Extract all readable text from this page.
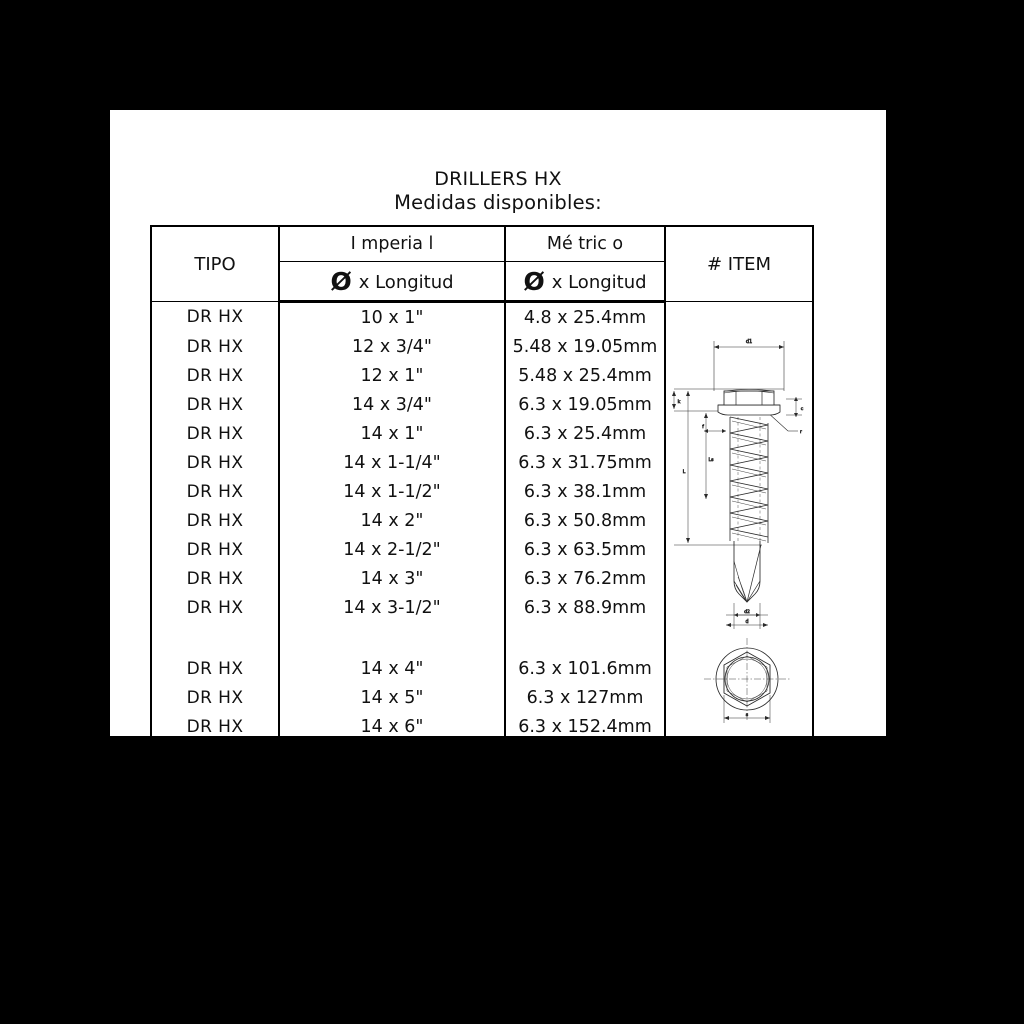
DRILLERS HX
Medidas disponibles:
TIPO	I mperia l	Mé tric o	# ITEM
	Ø x Longitud	Ø x Longitud	
DR HX	10 x 1"	4.8 x 25.4mm	
d1
k
L
Ls
c
f
r
d2
d
s

DR HX	12 x 3/4"	5.48 x 19.05mm	
DR HX	12 x 1"	5.48 x 25.4mm	
DR HX	14 x 3/4"	6.3 x 19.05mm	
DR HX	14 x 1"	6.3 x 25.4mm	
DR HX	14 x 1-1/4"	6.3 x 31.75mm	
DR HX	14 x 1-1/2"	6.3 x 38.1mm	
DR HX	14 x 2"	6.3 x 50.8mm	
DR HX	14 x 2-1/2"	6.3 x 63.5mm	
DR HX	14 x 3"	6.3 x 76.2mm	
DR HX	14 x 3-1/2"	6.3 x 88.9mm	

DR HX	14 x 4"	6.3 x 101.6mm	
DR HX	14 x 5"	6.3 x 127mm	
DR HX	14 x 6"	6.3 x 152.4mm	
